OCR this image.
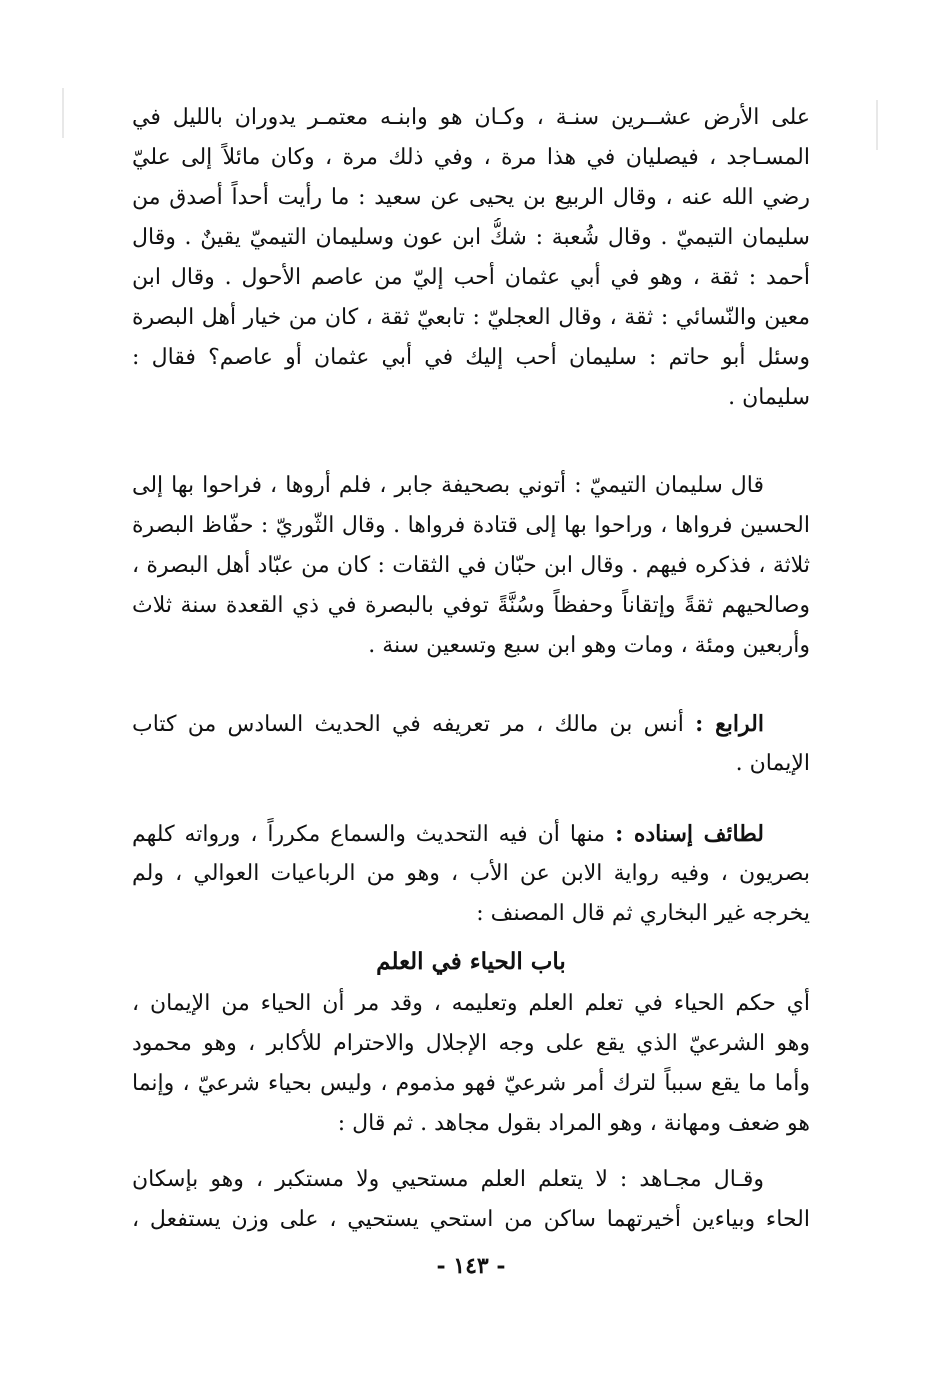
على الأرض عشــرين سنـة ، وكـان هو وابنـه معتمـر يدوران بالليل في
المسـاجد ، فيصليان في هذا مرة ، وفي ذلك مرة ، وكان مائلاً إلى عليّ
رضي الله عنه ، وقال الربيع بن يحيى عن سعيد : ما رأيت أحداً أصدق من
سليمان التيميّ . وقال شُعبة : شكُّ ابن عون وسليمان التيميّ يقينٌ . وقال
أحمد : ثقة ، وهو في أبي عثمان أحب إليّ من عاصم الأحول . وقال ابن
معين والنّسائي : ثقة ، وقال العجليّ : تابعيّ ثقة ، كان من خيار أهل البصرة
وسئل أبو حاتم : سليمان أحب إليك في أبي عثمان أو عاصم؟ فقال :
سليمان .
قال سليمان التيميّ : أتوني بصحيفة جابر ، فلم أروها ، فراحوا بها إلى
الحسين فرواها ، وراحوا بها إلى قتادة فرواها . وقال الثّوريّ : حفّاظ البصرة
ثلاثة ، فذكره فيهم . وقال ابن حبّان في الثقات : كان من عبّاد أهل البصرة ،
وصالحيهم ثقةً وإتقاناً وحفظاً وسُنَّةً توفي بالبصرة في ذي القعدة سنة ثلاث
وأربعين ومئة ، ومات وهو ابن سبع وتسعين سنة .
الرابع : أنس بن مالك ، مر تعريفه في الحديث السادس من كتاب
الإيمان .
لطائف إسناده : منها أن فيه التحديث والسماع مكرراً ، ورواته كلهم
بصريون ، وفيه رواية الابن عن الأب ، وهو من الرباعيات العوالي ، ولم
يخرجه غير البخاري ثم قال المصنف :
باب الحياء في العلم
أي حكم الحياء في تعلم العلم وتعليمه ، وقد مر أن الحياء من الإيمان ،
وهو الشرعيّ الذي يقع على وجه الإجلال والاحترام للأكابر ، وهو محمود
وأما ما يقع سبباً لترك أمر شرعيّ فهو مذموم ، وليس بحياء شرعيّ ، وإنما
هو ضعف ومهانة ، وهو المراد بقول مجاهد . ثم قال :
وقـال مجـاهد : لا يتعلم العلم مستحيي ولا مستكبر ، وهو بإسكان
الحاء وبياءين أخيرتهما ساكن من استحي يستحيي ، على وزن يستفعل ،
- ١٤٣ -
